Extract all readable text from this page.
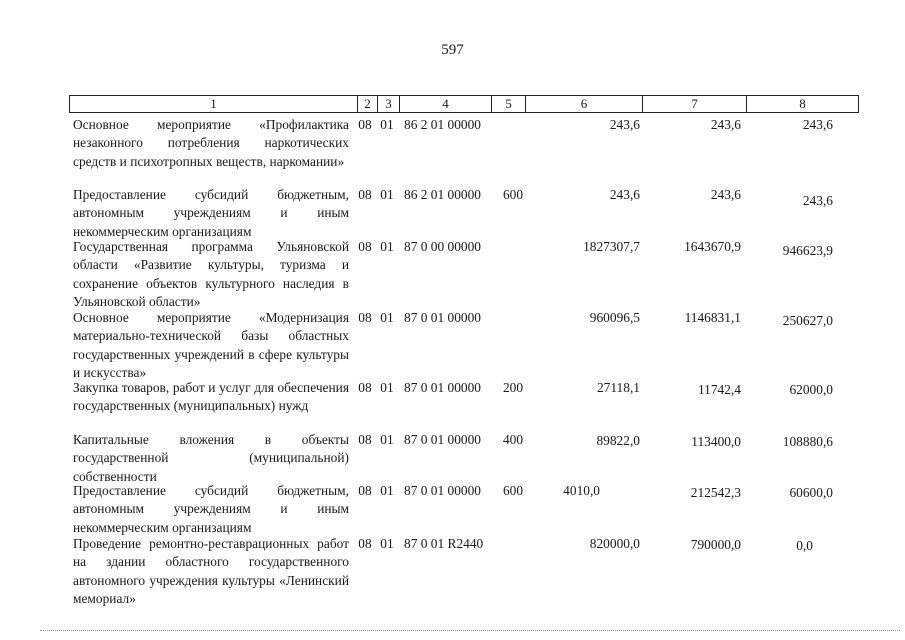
597
1	2	3	4	5	6	7	8
Основное мероприятие «Профилактика незаконного потребления наркотических средств и психотропных веществ, наркомании»
08 01 86 2 01 00000	243,6	243,6	243,6
Предоставление субсидий бюджетным, автономным учреждениям и иным некоммерческим организациям
08 01 86 2 01 00000	600	243,6	243,6	243,6
Государственная программа Ульяновской области «Развитие культуры, туризма и сохранение объектов культурного наследия в Ульяновской области»
08 01 87 0 00 00000	1827307,7	1643670,9	946623,9
Основное мероприятие «Модернизация материально-технической базы областных государственных учреждений в сфере культуры и искусства»
08 01 87 0 01 00000	960096,5	1146831,1	250627,0
Закупка товаров, работ и услуг для обеспечения государственных (муниципальных) нужд
08 01 87 0 01 00000	200	27118,1	11742,4	62000,0
Капитальные вложения в объекты государственной (муниципальной) собственности
08 01 87 0 01 00000	400	89822,0	113400,0	108880,6
Предоставление субсидий бюджетным, автономным учреждениям и иным некоммерческим организациям
08 01 87 0 01 00000	600	4010,0	212542,3	60600,0
Проведение ремонтно-реставрационных работ на здании областного государственного автономного учреждения культуры «Ленинский мемориал»
08 01 87 0 01 R2440	820000,0	790000,0	0,0
